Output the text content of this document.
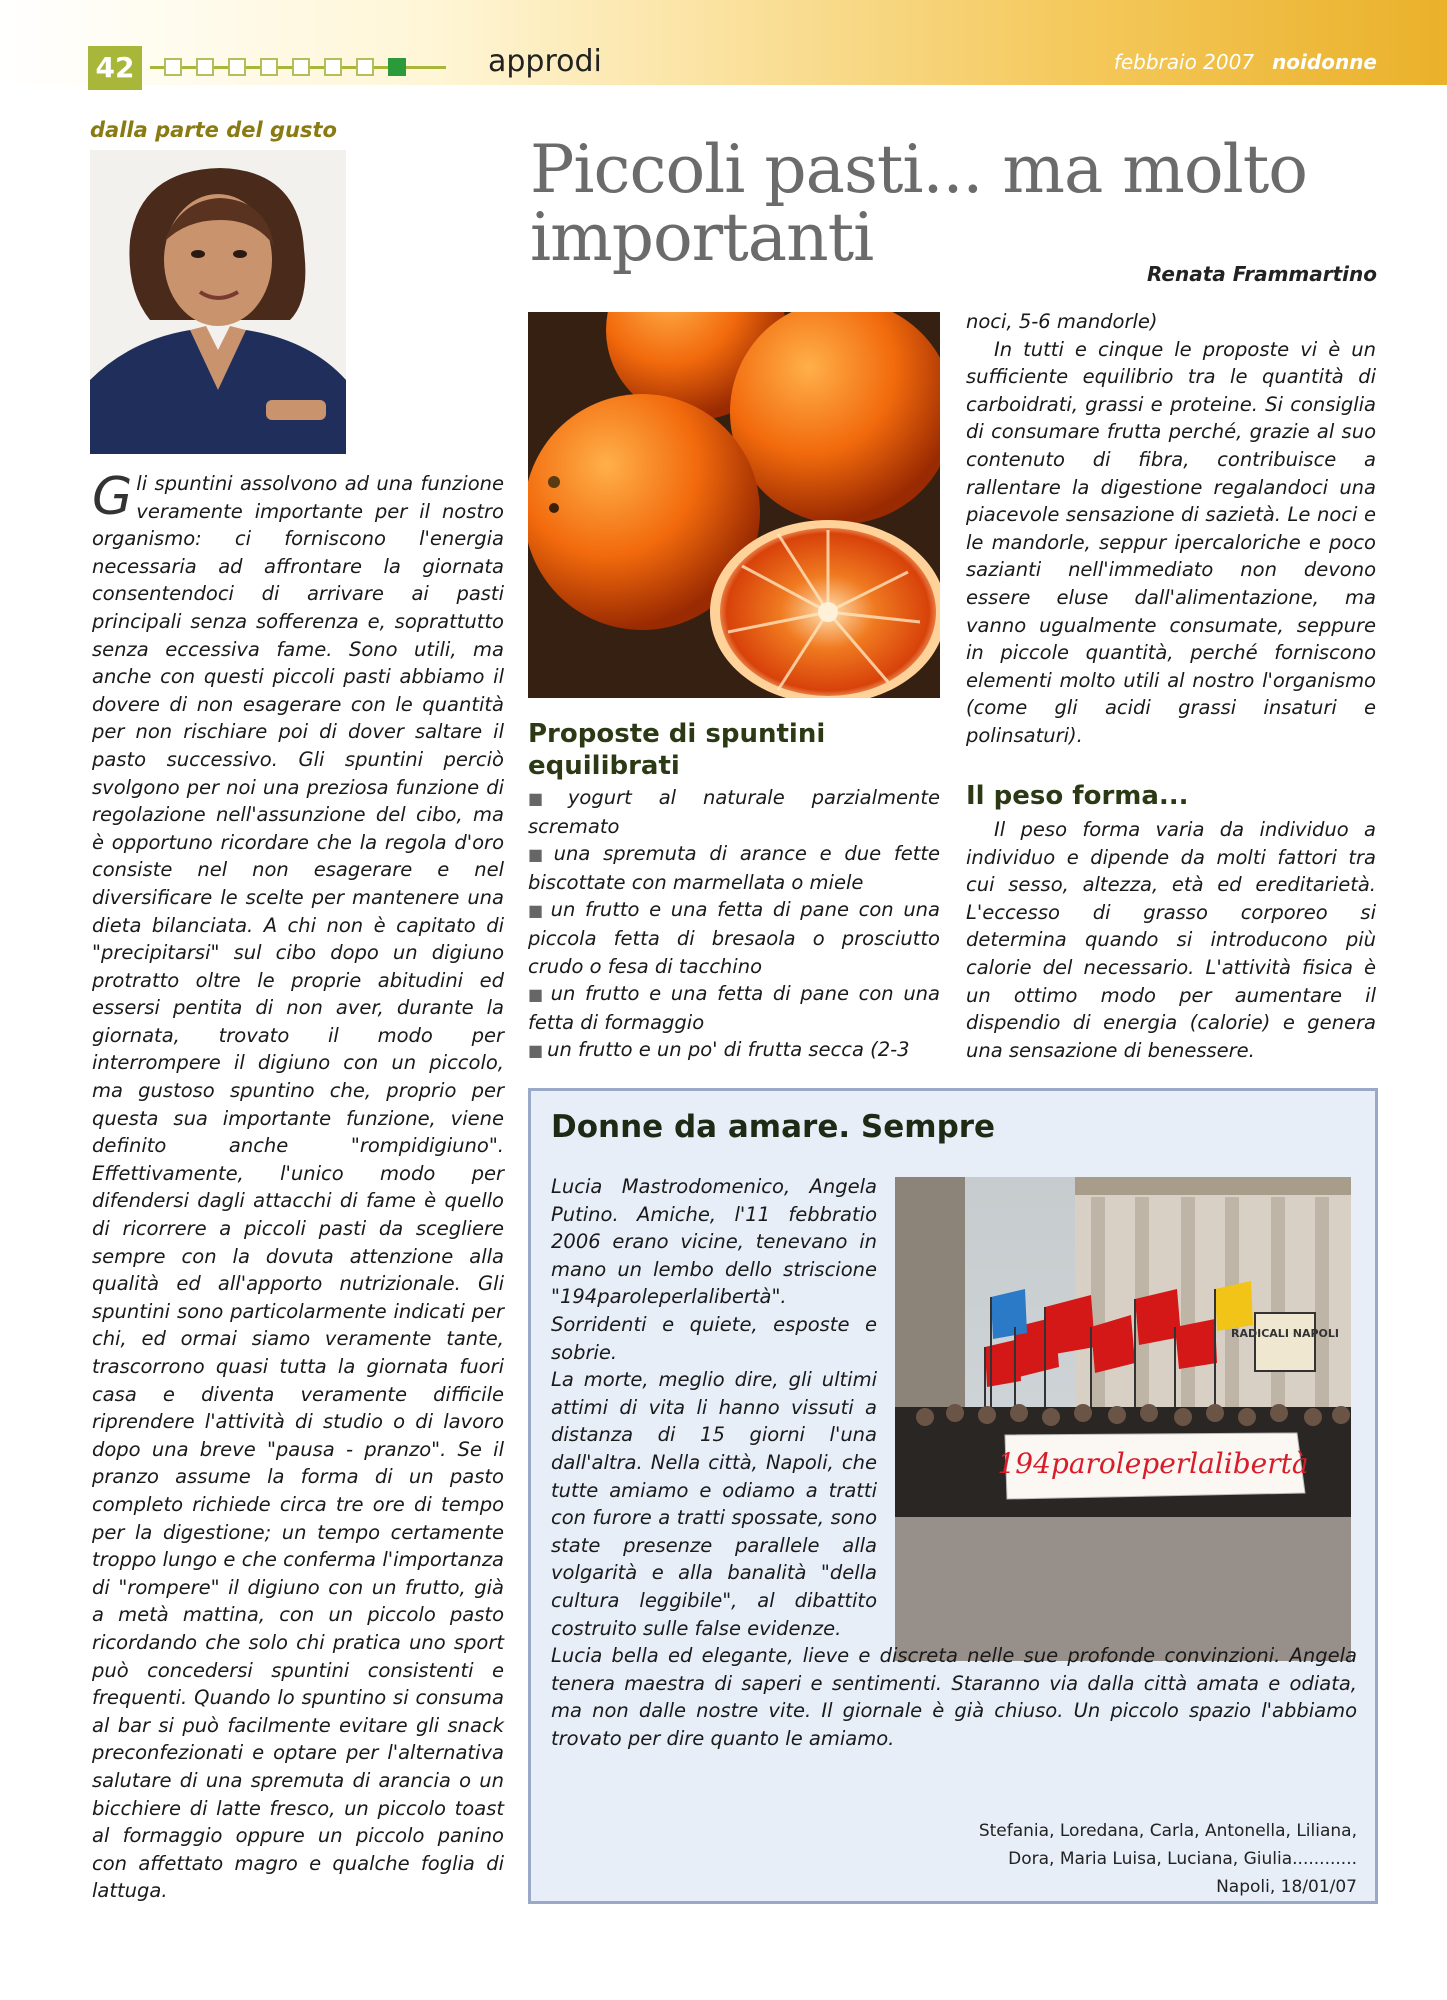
42	approdi	febbraio 2007 noidonne
dalla parte del gusto
Piccoli pasti... ma molto importanti	Renata Frammartino
G li spuntini assolvono ad una funzione veramente importante per il nostro organismo: ci forniscono l'energia necessaria ad affrontare la giornata consentendoci di arrivare ai pasti principali senza sofferenza e, soprattutto senza eccessiva fame. Sono utili, ma anche con questi piccoli pasti abbiamo il dovere di non esagerare con le quantità per non rischiare poi di dover saltare il pasto successivo. Gli spuntini perciò svolgono per noi una preziosa funzione di regolazione nell'assunzione del cibo, ma è opportuno ricordare che la regola d'oro consiste nel non esagerare e nel diversificare le scelte per mantenere una dieta bilanciata. A chi non è capitato di "precipitarsi" sul cibo dopo un digiuno protratto oltre le proprie abitudini ed essersi pentita di non aver, durante la giornata, trovato il modo per interrompere il digiuno con un piccolo, ma gustoso spuntino che, proprio per questa sua importante funzione, viene definito anche "rompidigiuno". Effettivamente, l'unico modo per difendersi dagli attacchi di fame è quello di ricorrere a piccoli pasti da scegliere sempre con la dovuta attenzione alla qualità ed all'apporto nutrizionale. Gli spuntini sono particolarmente indicati per chi, ed ormai siamo veramente tante, trascorrono quasi tutta la giornata fuori casa e diventa veramente difficile riprendere l'attività di studio o di lavoro dopo una breve "pausa - pranzo". Se il pranzo assume la forma di un pasto completo richiede circa tre ore di tempo per la digestione; un tempo certamente troppo lungo e che conferma l'importanza di "rompere" il digiuno con un frutto, già a metà mattina, con un piccolo pasto ricordando che solo chi pratica uno sport può concedersi spuntini consistenti e frequenti. Quando lo spuntino si consuma al bar si può facilmente evitare gli snack preconfezionati e optare per l'alternativa salutare di una spremuta di arancia o un bicchiere di latte fresco, un piccolo toast al formaggio oppure un piccolo panino con affettato magro e qualche foglia di lattuga.

Proposte di spuntini equilibrati

■ yogurt al naturale parzialmente scremato

■ una spremuta di arance e due fette biscottate con marmellata o miele

■ un frutto e una fetta di pane con una piccola fetta di bresaola o prosciutto crudo o fesa di tacchino

■ un frutto e una fetta di pane con una fetta di formaggio

■ un frutto e un po' di frutta secca (2-3

noci, 5-6 mandorle)

In tutti e cinque le proposte vi è un sufficiente equilibrio tra le quantità di carboidrati, grassi e proteine. Si consiglia di consumare frutta perché, grazie al suo contenuto di fibra, contribuisce a rallentare la digestione regalandoci una piacevole sensazione di sazietà. Le noci e le mandorle, seppur ipercaloriche e poco sazianti nell'immediato non devono essere eluse dall'alimentazione, ma vanno ugualmente consumate, seppure in piccole quantità, perché forniscono elementi molto utili al nostro l'organismo (come gli acidi grassi insaturi e polinsaturi).

Il peso forma...

Il peso forma varia da individuo a individuo e dipende da molti fattori tra cui sesso, altezza, età ed ereditarietà. L'eccesso di grasso corporeo si determina quando si introducono più calorie del necessario. L'attività fisica è un ottimo modo per aumentare il dispendio di energia (calorie) e genera una sensazione di benessere.

Donne da amare. Sempre
RADICALI NAPOLI
194paroleperlalibertà

Lucia Mastrodomenico, Angela Putino. Amiche, l'11 febbratio 2006 erano vicine, tenevano in mano un lembo dello striscione "194paroleperlalibertà". Sorridenti e quiete, esposte e sobrie.

La morte, meglio dire, gli ultimi attimi di vita li hanno vissuti a distanza di 15 giorni l'una dall'altra. Nella città, Napoli, che tutte amiamo e odiamo a tratti con furore a tratti spossate, sono state presenze parallele alla volgarità e alla banalità "della cultura leggibile", al dibattito costruito sulle false evidenze.

Lucia bella ed elegante, lieve e discreta nelle sue profonde convinzioni. Angela tenera maestra di saperi e sentimenti. Staranno via dalla città amata e odiata, ma non dalle nostre vite. Il giornale è già chiuso. Un piccolo spazio l'abbiamo trovato per dire quanto le amiamo.

Stefania, Loredana, Carla, Antonella, Liliana,
Dora, Maria Luisa, Luciana, Giulia............
Napoli, 18/01/07
